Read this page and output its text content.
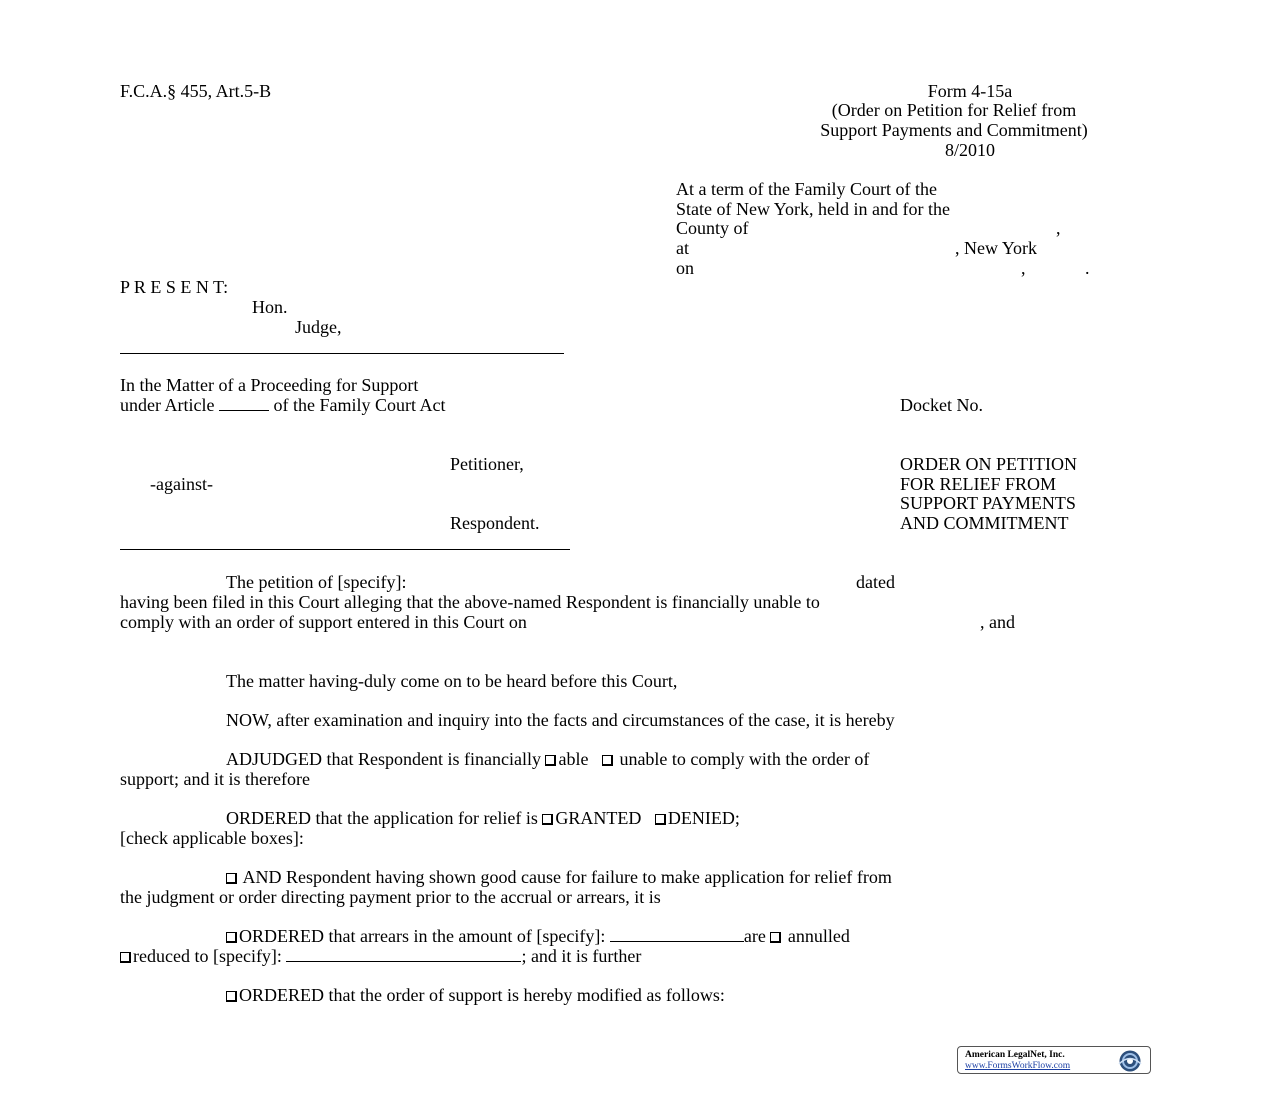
F.C.A.§ 455, Art.5-B	Form 4-15a
(Order on Petition for Relief from
Support Payments and Commitment)
8/2010
At a term of the Family Court of the
State of New York, held in and for the
County of	,
at	, New York
on	,	.
P R E S E N T:
Hon.
Judge,
In the Matter of a Proceeding for Support
under Article	of the Family Court Act	Docket No.
Petitioner,
-against-
Respondent.
ORDER ON PETITION
FOR RELIEF FROM
SUPPORT PAYMENTS
AND COMMITMENT
The petition of [specify]:	dated
having been filed in this Court alleging that the above-named Respondent is financially unable to
comply with an order of support entered in this Court on	, and
The matter having-duly come on to be heard before this Court,
NOW, after examination and inquiry into the facts and circumstances of the case, it is hereby
ADJUDGED that Respondent is financially able unable to comply with the order of
support; and it is therefore
ORDERED that the application for relief is GRANTED DENIED;
[check applicable boxes]:
AND Respondent having shown good cause for failure to make application for relief from
the judgment or order directing payment prior to the accrual or arrears, it is
ORDERED that arrears in the amount of [specify]:	are annulled
reduced to [specify]:	; and it is further
ORDERED that the order of support is hereby modified as follows:
American LegalNet, Inc.
www.FormsWorkFlow.com
